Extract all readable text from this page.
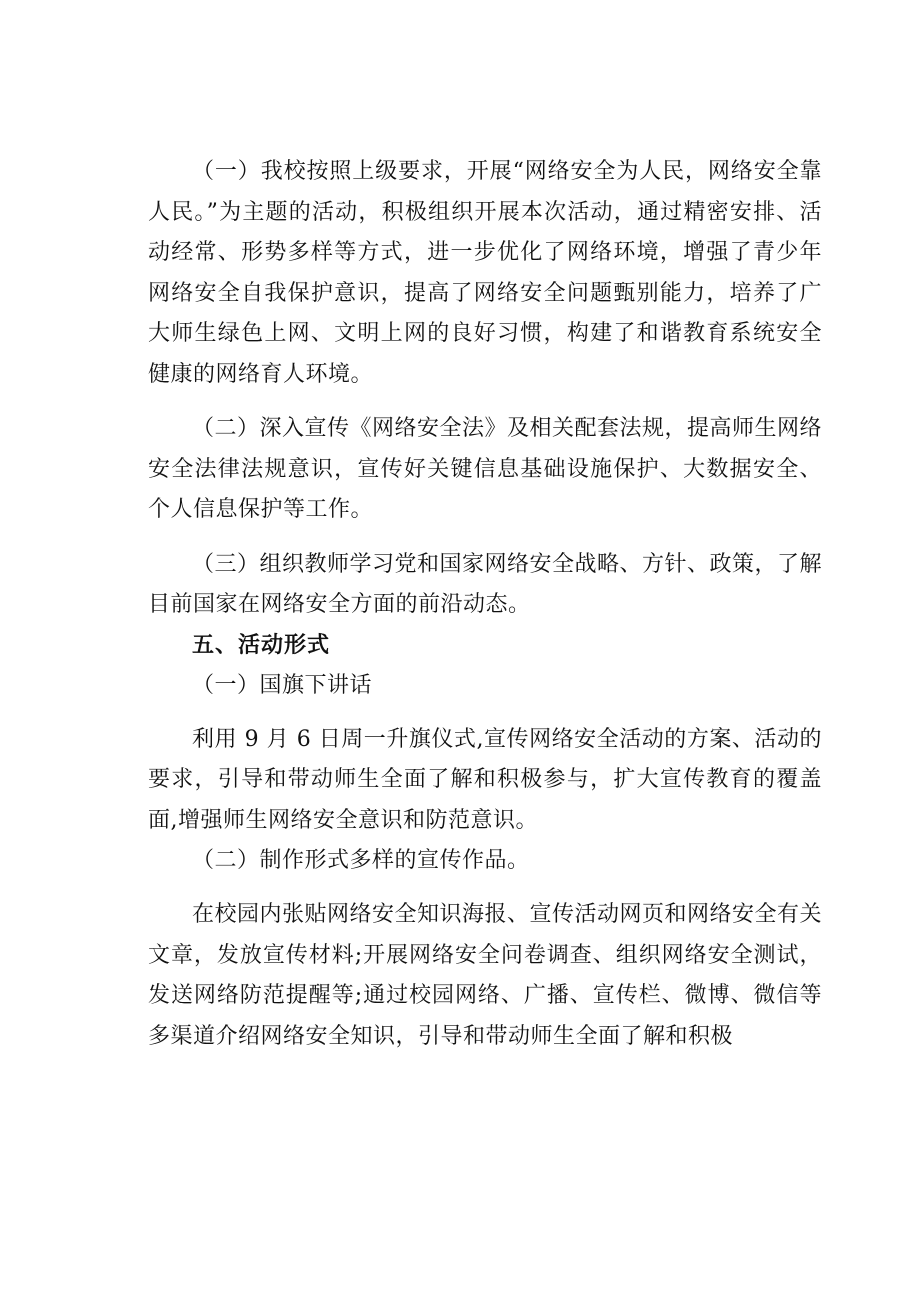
（一）我校按照上级要求，开展“网络安全为人民，网络安全靠人民。”为主题的活动，积极组织开展本次活动，通过精密安排、活动经常、形势多样等方式，进一步优化了网络环境，增强了青少年网络安全自我保护意识，提高了网络安全问题甄别能力，培养了广大师生绿色上网、文明上网的良好习惯，构建了和谐教育系统安全健康的网络育人环境。

（二）深入宣传《网络安全法》及相关配套法规，提高师生网络安全法律法规意识，宣传好关键信息基础设施保护、大数据安全、个人信息保护等工作。

（三）组织教师学习党和国家网络安全战略、方针、政策，了解目前国家在网络安全方面的前沿动态。

五、活动形式

（一）国旗下讲话

利用 9 月 6 日周一升旗仪式,宣传网络安全活动的方案、活动的要求，引导和带动师生全面了解和积极参与，扩大宣传教育的覆盖面,增强师生网络安全意识和防范意识。

（二）制作形式多样的宣传作品。

在校园内张贴网络安全知识海报、宣传活动网页和网络安全有关文章，发放宣传材料;开展网络安全问卷调查、组织网络安全测试，发送网络防范提醒等;通过校园网络、广播、宣传栏、微博、微信等多渠道介绍网络安全知识，引导和带动师生全面了解和积极
